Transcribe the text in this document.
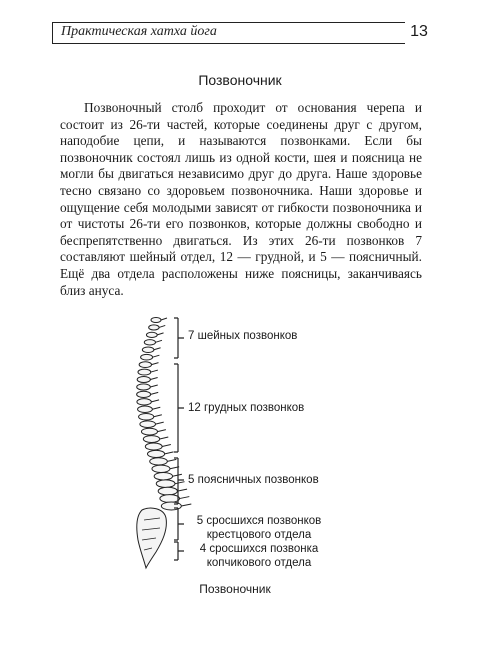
Практическая хатха йога	13
Позвоночник

Позвоночный столб проходит от основания черепа и состоит из 26-ти частей, которые соединены друг с другом, наподобие цепи, и называются позвонками. Если бы позвоночник состоял лишь из одной кости, шея и поясница не могли бы двигаться независимо друг до друга. Наше здоровье тесно связано со здоровьем позвоночника. Наши здоровье и ощущение себя молодыми зависят от гибкости позвоночника и от чистоты 26-ти его позвонков, которые должны свободно и беспрепятственно двигаться. Из этих 26-ти позвонков 7 составляют шейный отдел, 12 — грудной, и 5 — поясничный. Ещё два отдела расположены ниже поясницы, заканчиваясь близ ануса.

7 шейных позвонков
12 грудных позвонков
5 поясничных позвонков
5 сросшихся позвонков крестцового отдела
4 сросшихся позвонка копчикового отдела
Позвоночник
